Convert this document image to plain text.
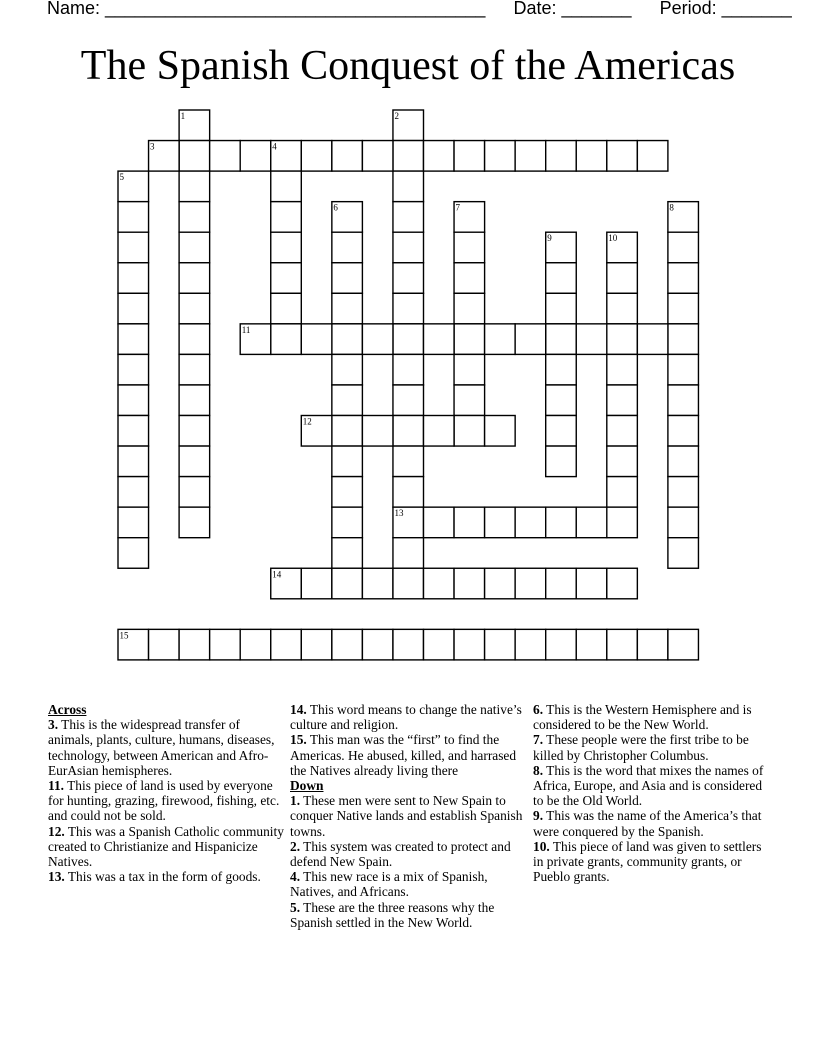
Name: ______________________________________ Date: _______ Period: _______
The Spanish Conquest of the Americas
1	2
3	4
5
6	7	8
9	10
11
12
13
14
15

Across

3. This is the widespread transfer of animals, plants, culture, humans, diseases, technology, between American and Afro-EurAsian hemispheres.

11. This piece of land is used by everyone for hunting, grazing, firewood, fishing, etc. and could not be sold.

12. This was a Spanish Catholic community created to Christianize and Hispanicize Natives.

13. This was a tax in the form of goods.

14. This word means to change the native’s culture and religion.

15. This man was the “first” to find the Americas. He abused, killed, and harrased the Natives already living there

Down

1. These men were sent to New Spain to conquer Native lands and establish Spanish towns.

2. This system was created to protect and defend New Spain.

4. This new race is a mix of Spanish, Natives, and Africans.

5. These are the three reasons why the Spanish settled in the New World.

6. This is the Western Hemisphere and is considered to be the New World.

7. These people were the first tribe to be killed by Christopher Columbus.

8. This is the word that mixes the names of Africa, Europe, and Asia and is considered to be the Old World.

9. This was the name of the America’s that were conquered by the Spanish.

10. This piece of land was given to settlers in private grants, community grants, or Pueblo grants.
